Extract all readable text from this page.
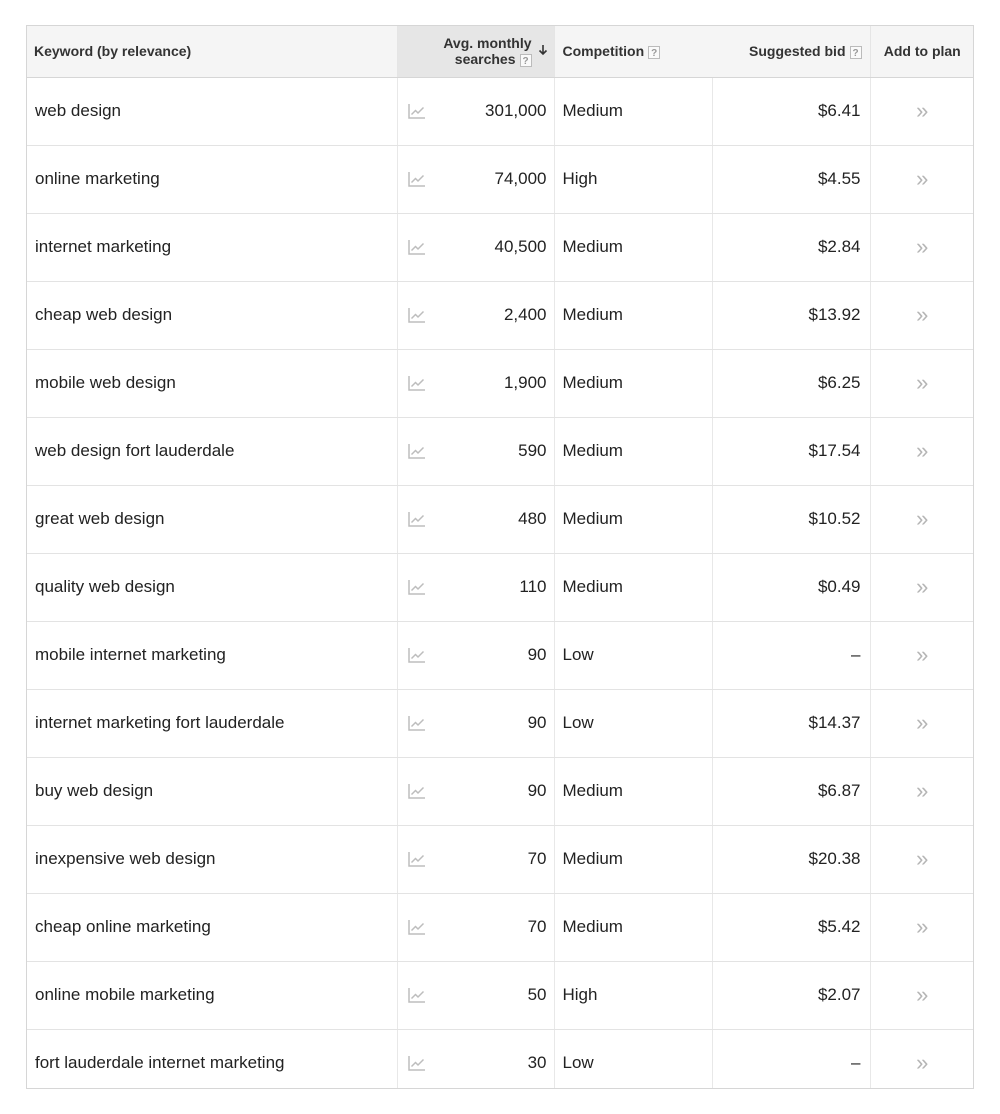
Keyword (by relevance)	Avg. monthly
searches ?		Competition ?	Suggested bid ?	Add to plan
web design		301,000	Medium	$6.41	»
online marketing		74,000	High	$4.55	»
internet marketing		40,500	Medium	$2.84	»
cheap web design		2,400	Medium	$13.92	»
mobile web design		1,900	Medium	$6.25	»
web design fort lauderdale		590	Medium	$17.54	»
great web design		480	Medium	$10.52	»
quality web design		110	Medium	$0.49	»
mobile internet marketing		90	Low	–	»
internet marketing fort lauderdale		90	Low	$14.37	»
buy web design		90	Medium	$6.87	»
inexpensive web design		70	Medium	$20.38	»
cheap online marketing		70	Medium	$5.42	»
online mobile marketing		50	High	$2.07	»
fort lauderdale internet marketing		30	Low	–	»
